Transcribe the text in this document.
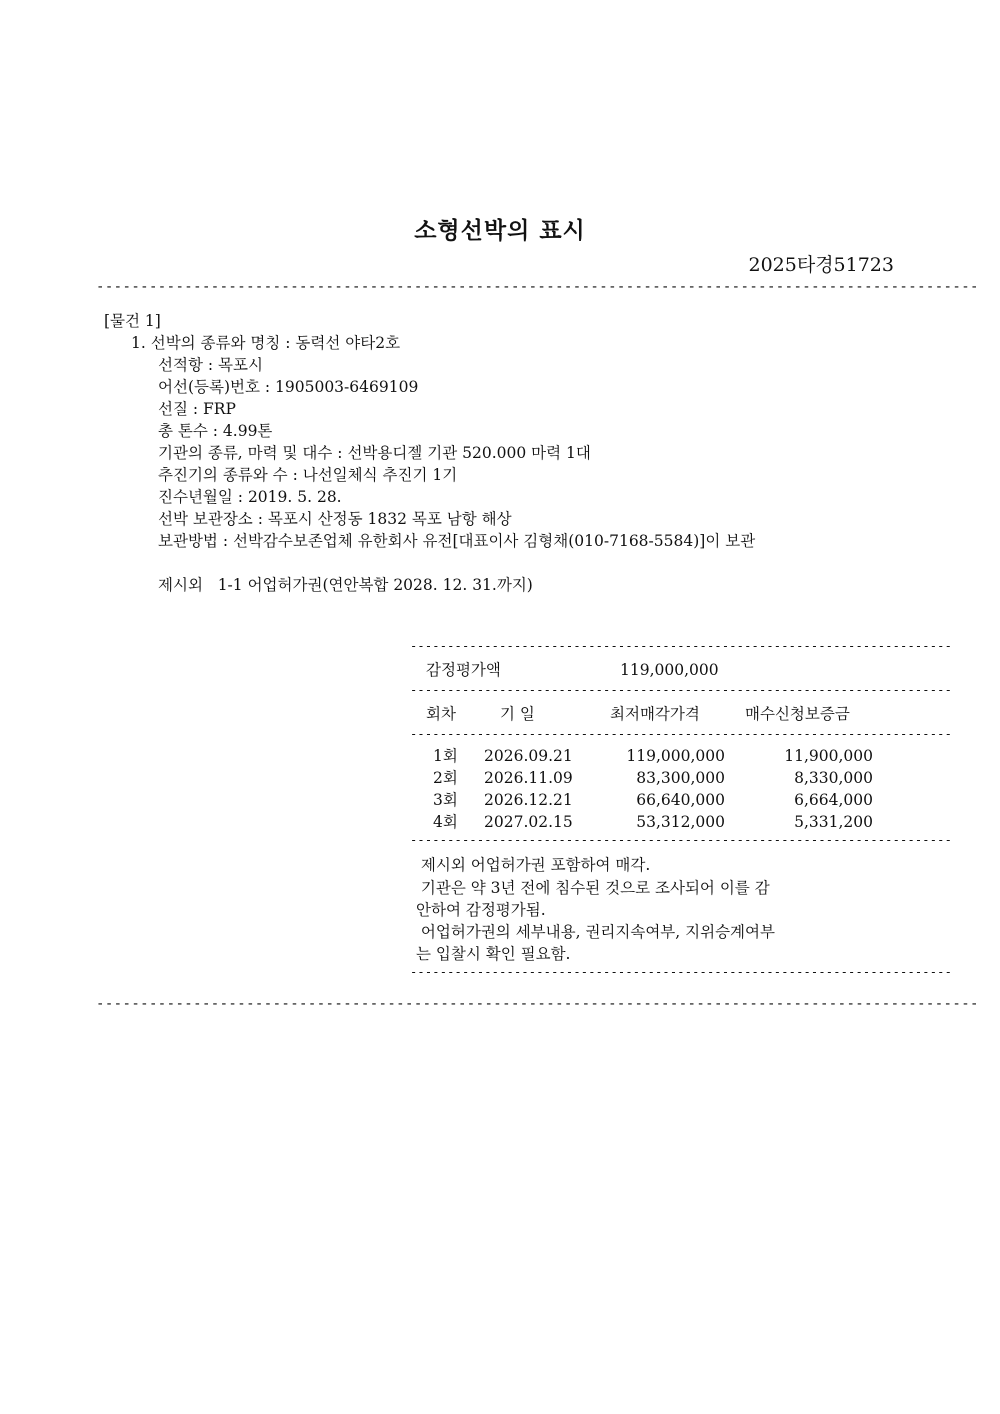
소형선박의 표시
2025타경51723
----------------------------------------------------------------------------------------------------
[물건 1]
1. 선박의 종류와 명칭 : 동력선 야타2호
선적항 : 목포시
어선(등록)번호 : 1905003-6469109
선질 : FRP
총 톤수 : 4.99톤
기관의 종류, 마력 및 대수 : 선박용디젤 기관 520.000 마력 1대
추진기의 종류와 수 : 나선일체식 추진기 1기
진수년월일 : 2019. 5. 28.
선박 보관장소 : 목포시 산정동 1832 목포 남항 해상
보관방법 : 선박감수보존업체 유한회사 유전[대표이사 김형채(010-7168-5584)]이 보관
제시외   1-1 어업허가권(연안복합 2028. 12. 31.까지)
-------------------------------------------------------------------------
감정평가액	119,000,000
-------------------------------------------------------------------------
회차	기 일	최저매각가격	매수신청보증금
-------------------------------------------------------------------------
1회 2026.09.21	119,000,000	11,900,000
2회 2026.11.09	83,300,000	8,330,000
3회 2026.12.21	66,640,000	6,664,000
4회 2027.02.15	53,312,000	5,331,200
-------------------------------------------------------------------------
제시외 어업허가권 포함하여 매각.
기관은 약 3년 전에 침수된 것으로 조사되어 이를 감
안하여 감정평가됨.
어업허가권의 세부내용, 권리지속여부, 지위승계여부
는 입찰시 확인 필요함.
-------------------------------------------------------------------------
----------------------------------------------------------------------------------------------------
